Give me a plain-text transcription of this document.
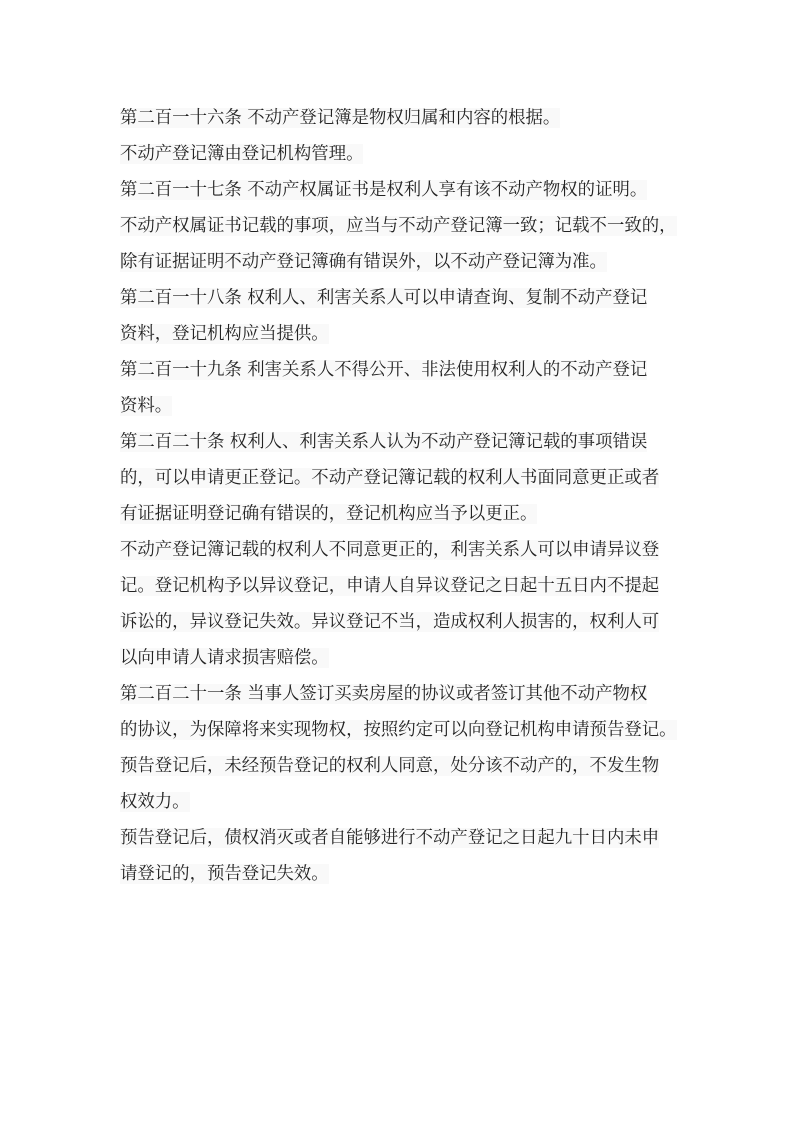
第二百一十六条 不动产登记簿是物权归属和内容的根据。

不动产登记簿由登记机构管理。

第二百一十七条 不动产权属证书是权利人享有该不动产物权的证明。

不动产权属证书记载的事项，应当与不动产登记簿一致；记载不一致的，
除有证据证明不动产登记簿确有错误外，以不动产登记簿为准。

第二百一十八条 权利人、利害关系人可以申请查询、复制不动产登记
资料，登记机构应当提供。

第二百一十九条 利害关系人不得公开、非法使用权利人的不动产登记
资料。

第二百二十条 权利人、利害关系人认为不动产登记簿记载的事项错误
的，可以申请更正登记。不动产登记簿记载的权利人书面同意更正或者
有证据证明登记确有错误的，登记机构应当予以更正。

不动产登记簿记载的权利人不同意更正的，利害关系人可以申请异议登
记。登记机构予以异议登记，申请人自异议登记之日起十五日内不提起
诉讼的，异议登记失效。异议登记不当，造成权利人损害的，权利人可
以向申请人请求损害赔偿。

第二百二十一条 当事人签订买卖房屋的协议或者签订其他不动产物权
的协议，为保障将来实现物权，按照约定可以向登记机构申请预告登记。
预告登记后，未经预告登记的权利人同意，处分该不动产的，不发生物
权效力。

预告登记后，债权消灭或者自能够进行不动产登记之日起九十日内未申
请登记的，预告登记失效。
